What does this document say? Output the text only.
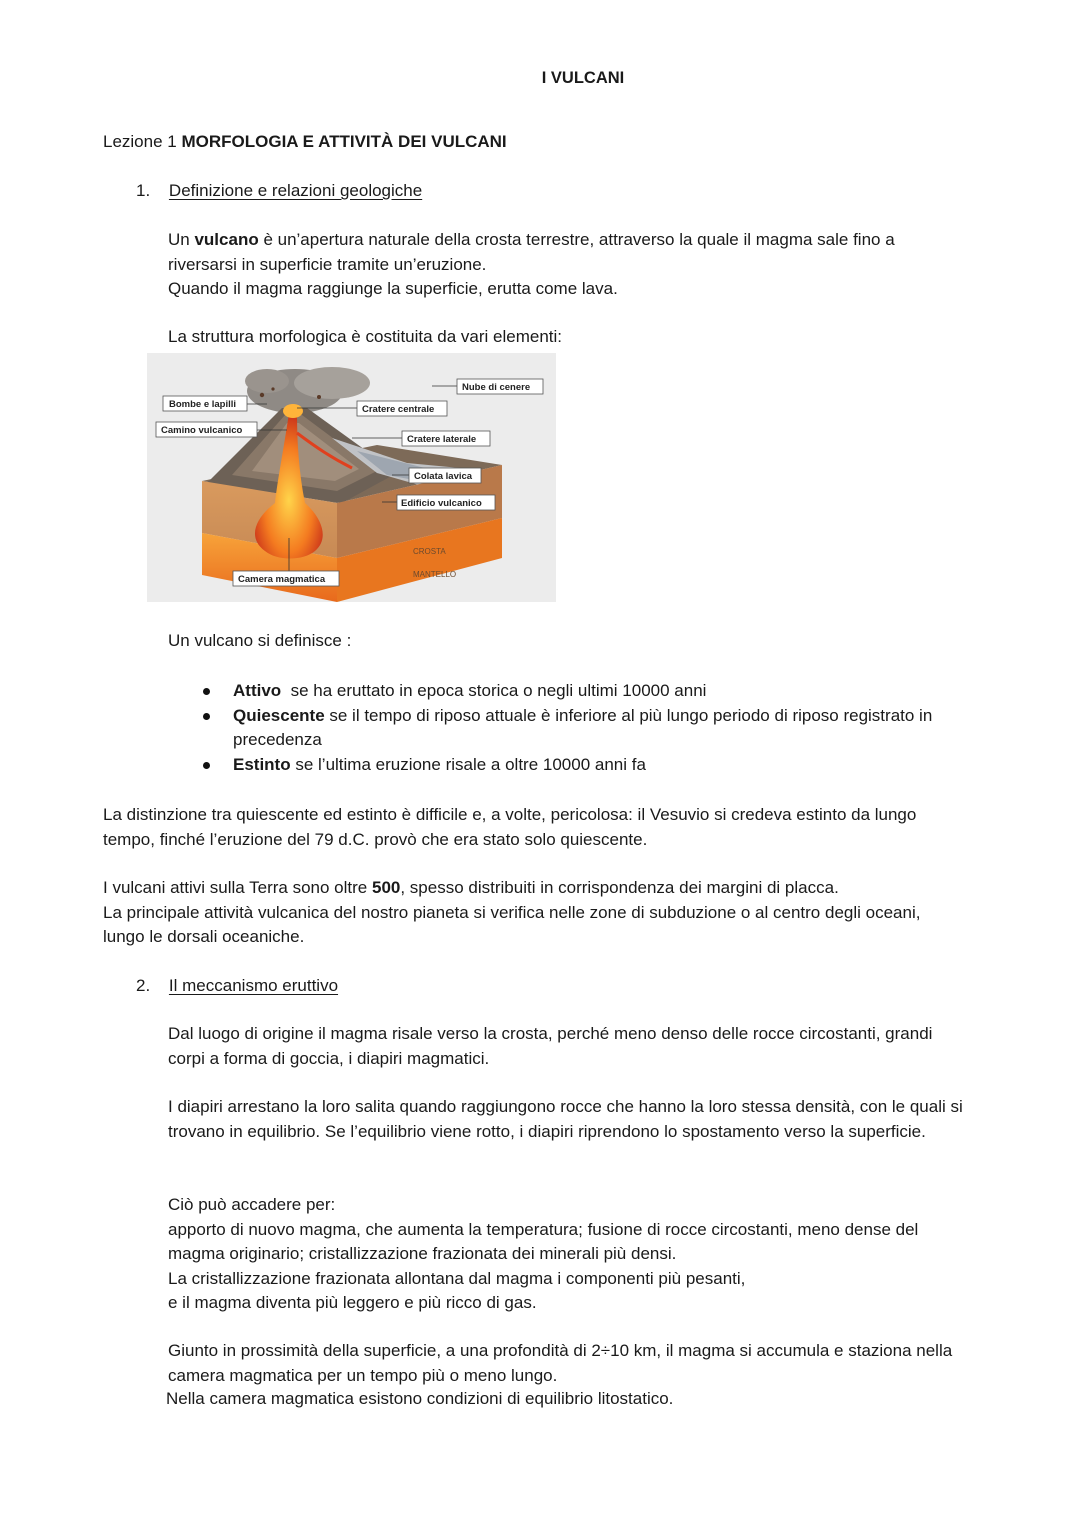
I VULCANI
Lezione 1 MORFOLOGIA E ATTIVITÀ DEI VULCANI
1. Definizione e relazioni geologiche
Un vulcano è un’apertura naturale della crosta terrestre, attraverso la quale il magma sale fino a riversarsi in superficie tramite un’eruzione.
Quando il magma raggiunge la superficie, erutta come lava.
La struttura morfologica è costituita da vari elementi:
Nube di cenere
Bombe e lapilli	Cratere centrale
Camino vulcanico
Cratere laterale
Colata lavica
Edificio vulcanico
CROSTA
MANTELLO
Camera magmatica
Un vulcano si definisce :
Attivo  se ha eruttato in epoca storica o negli ultimi 10000 anni
Quiescente se il tempo di riposo attuale è inferiore al più lungo periodo di riposo registrato in precedenza
Estinto se l’ultima eruzione risale a oltre 10000 anni fa
La distinzione tra quiescente ed estinto è difficile e, a volte, pericolosa: il Vesuvio si credeva estinto da lungo tempo, finché l’eruzione del 79 d.C. provò che era stato solo quiescente.
I vulcani attivi sulla Terra sono oltre 500, spesso distribuiti in corrispondenza dei margini di placca.
La principale attività vulcanica del nostro pianeta si verifica nelle zone di subduzione o al centro degli oceani, lungo le dorsali oceaniche.
2. Il meccanismo eruttivo
Dal luogo di origine il magma risale verso la crosta, perché meno denso delle rocce circostanti, grandi corpi a forma di goccia, i diapiri magmatici.
I diapiri arrestano la loro salita quando raggiungono rocce che hanno la loro stessa densità, con le quali si trovano in equilibrio. Se l’equilibrio viene rotto, i diapiri riprendono lo spostamento verso la superficie.
Ciò può accadere per:
apporto di nuovo magma, che aumenta la temperatura; fusione di rocce circostanti, meno dense del magma originario; cristallizzazione frazionata dei minerali più densi.
La cristallizzazione frazionata allontana dal magma i componenti più pesanti,
e il magma diventa più leggero e più ricco di gas.
Giunto in prossimità della superficie, a una profondità di 2÷10 km, il magma si accumula e staziona nella camera magmatica per un tempo più o meno lungo.
Nella camera magmatica esistono condizioni di equilibrio litostatico.
